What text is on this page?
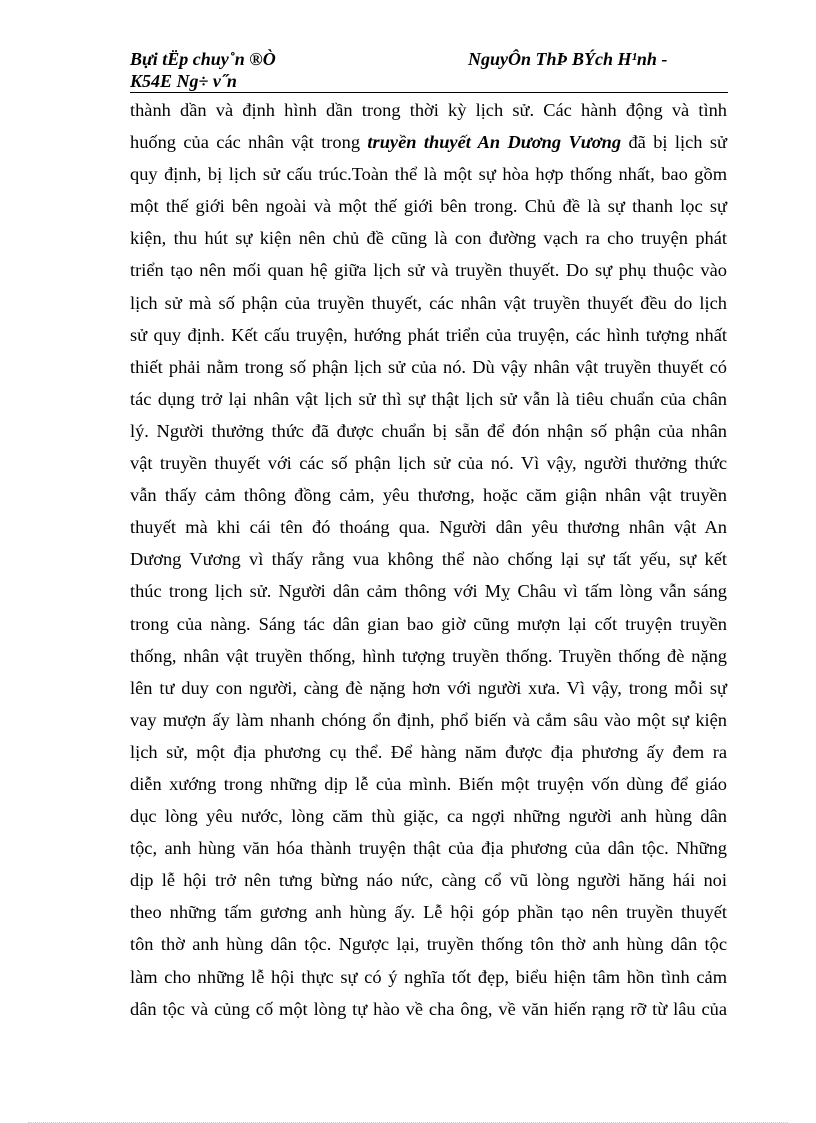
Bựi tЁp chuy˚n ®Ò
K54E Ng÷ v˝n
NguyÔn ThÞ BÝch H¹nh -
thành dần và định hình dần trong thời kỳ lịch sử. Các hành động và tình
huống của các nhân vật trong truyền thuyết An Dương Vương đã bị lịch sử
quy định, bị lịch sử cấu trúc.Toàn thể là một sự hòa hợp thống nhất, bao gồm
một thế giới bên ngoài và một thế giới bên trong. Chủ đề là sự thanh lọc sự
kiện, thu hút sự kiện nên chủ đề cũng là con đường vạch ra cho truyện phát
triển tạo nên mối quan hệ giữa lịch sử và truyền thuyết. Do sự phụ thuộc vào
lịch sử mà số phận của truyền thuyết, các nhân vật truyền thuyết đều do lịch
sử quy định. Kết cấu truyện, hướng phát triển của truyện, các hình tượng nhất
thiết phải nằm trong số phận lịch sử của nó. Dù vậy nhân vật truyền thuyết có
tác dụng trở lại nhân vật lịch sử thì sự thật lịch sử vẫn là tiêu chuẩn của chân
lý. Người thưởng thức đã được chuẩn bị sẵn để đón nhận số phận của nhân
vật truyền thuyết với các số phận lịch sử của nó. Vì vậy, người thưởng thức
vẫn thấy cảm thông đồng cảm, yêu thương, hoặc căm giận nhân vật truyền
thuyết mà khi cái tên đó thoáng qua. Người dân yêu thương nhân vật An
Dương Vương vì thấy rằng vua không thể nào chống lại sự tất yếu, sự kết
thúc trong lịch sử. Người dân cảm thông với Mỵ Châu vì tấm lòng vẫn sáng
trong của nàng. Sáng tác dân gian bao giờ cũng mượn lại cốt truyện truyền
thống, nhân vật truyền thống, hình tượng truyền thống. Truyền thống đè nặng
lên tư duy con người, càng đè nặng hơn với người xưa. Vì vậy, trong mỗi sự
vay mượn ấy làm nhanh chóng ổn định, phổ biến và cắm sâu vào một sự kiện
lịch sử, một địa phương cụ thể. Để hàng năm được địa phương ấy đem ra
diễn xướng trong những dịp lễ của mình. Biến một truyện vốn dùng để giáo
dục lòng yêu nước, lòng căm thù giặc, ca ngợi những người anh hùng dân
tộc, anh hùng văn hóa thành truyện thật của địa phương của dân tộc. Những
dịp lễ hội trở nên tưng bừng náo nức, càng cổ vũ lòng người hăng hái noi
theo những tấm gương anh hùng ấy. Lễ hội góp phần tạo nên truyền thuyết
tôn thờ anh hùng dân tộc. Ngược lại, truyền thống tôn thờ anh hùng dân tộc
làm cho những lễ hội thực sự có ý nghĩa tốt đẹp, biểu hiện tâm hồn tình cảm
dân tộc và củng cố một lòng tự hào về cha ông, về văn hiến rạng rỡ từ lâu của
